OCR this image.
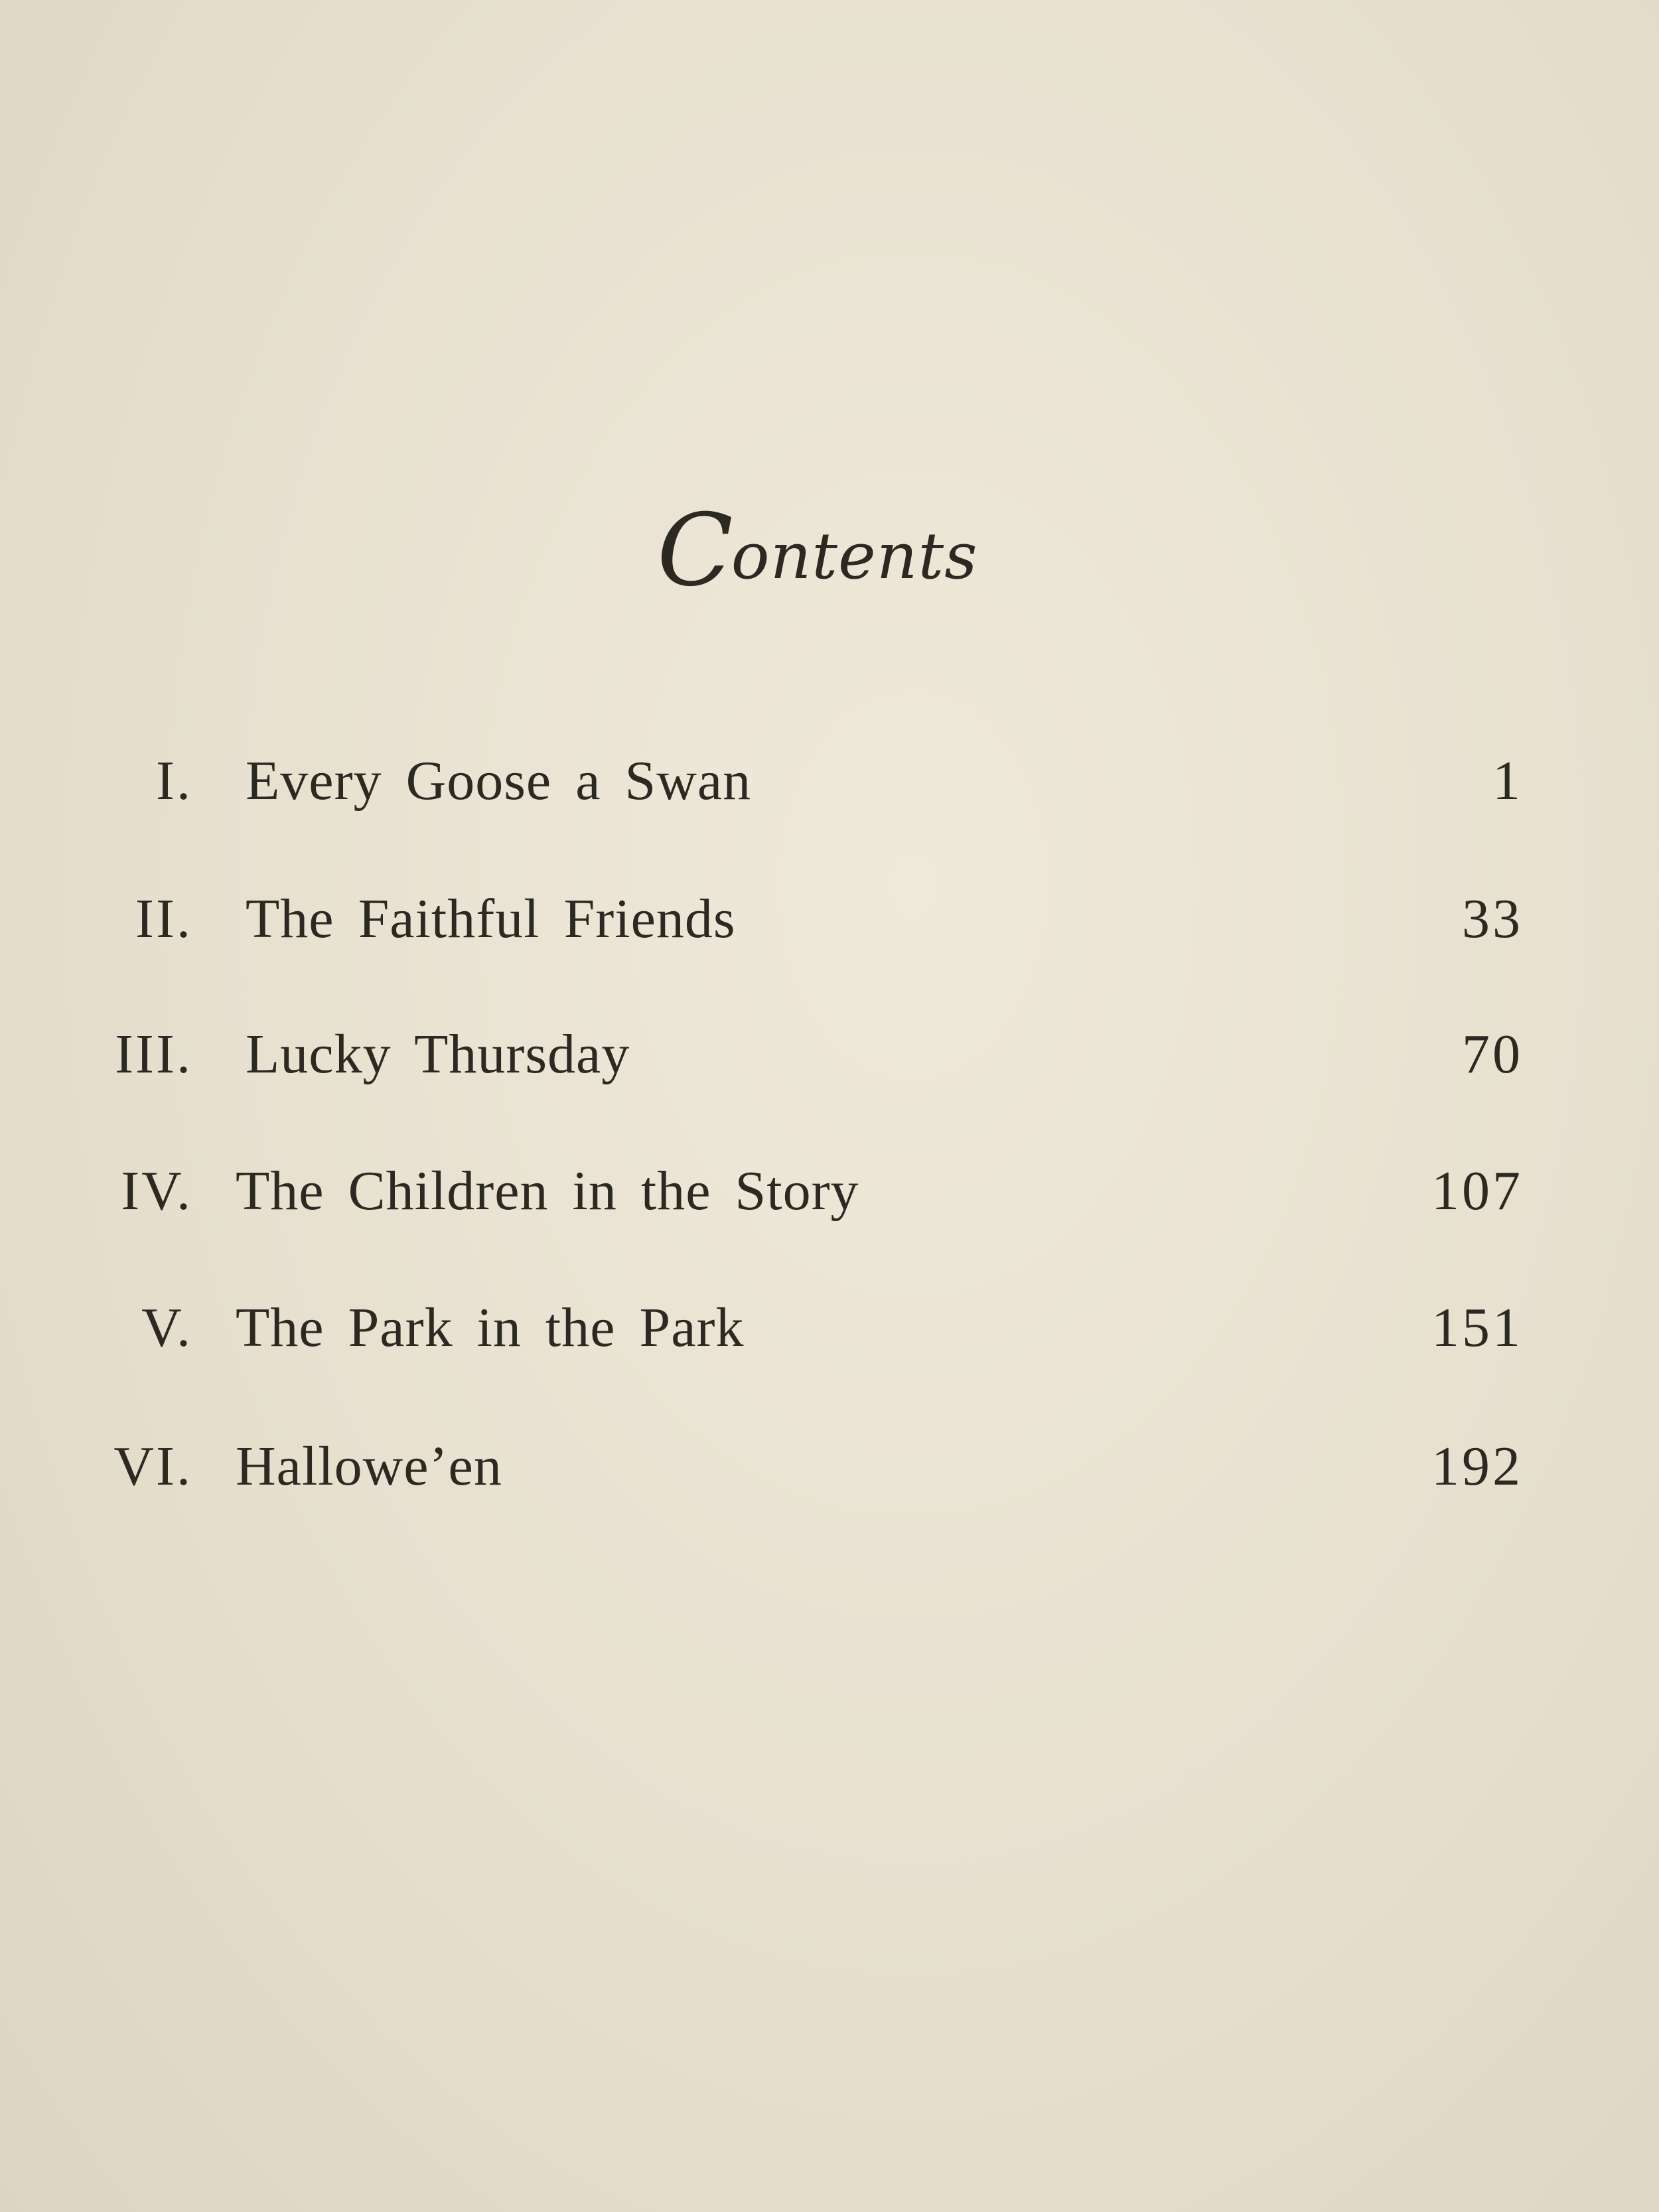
Contents
I. Every Goose a Swan	1
II. The Faithful Friends	33
III. Lucky Thursday	70
IV. The Children in the Story	107
V. The Park in the Park	151
VI. Hallowe’en	192
